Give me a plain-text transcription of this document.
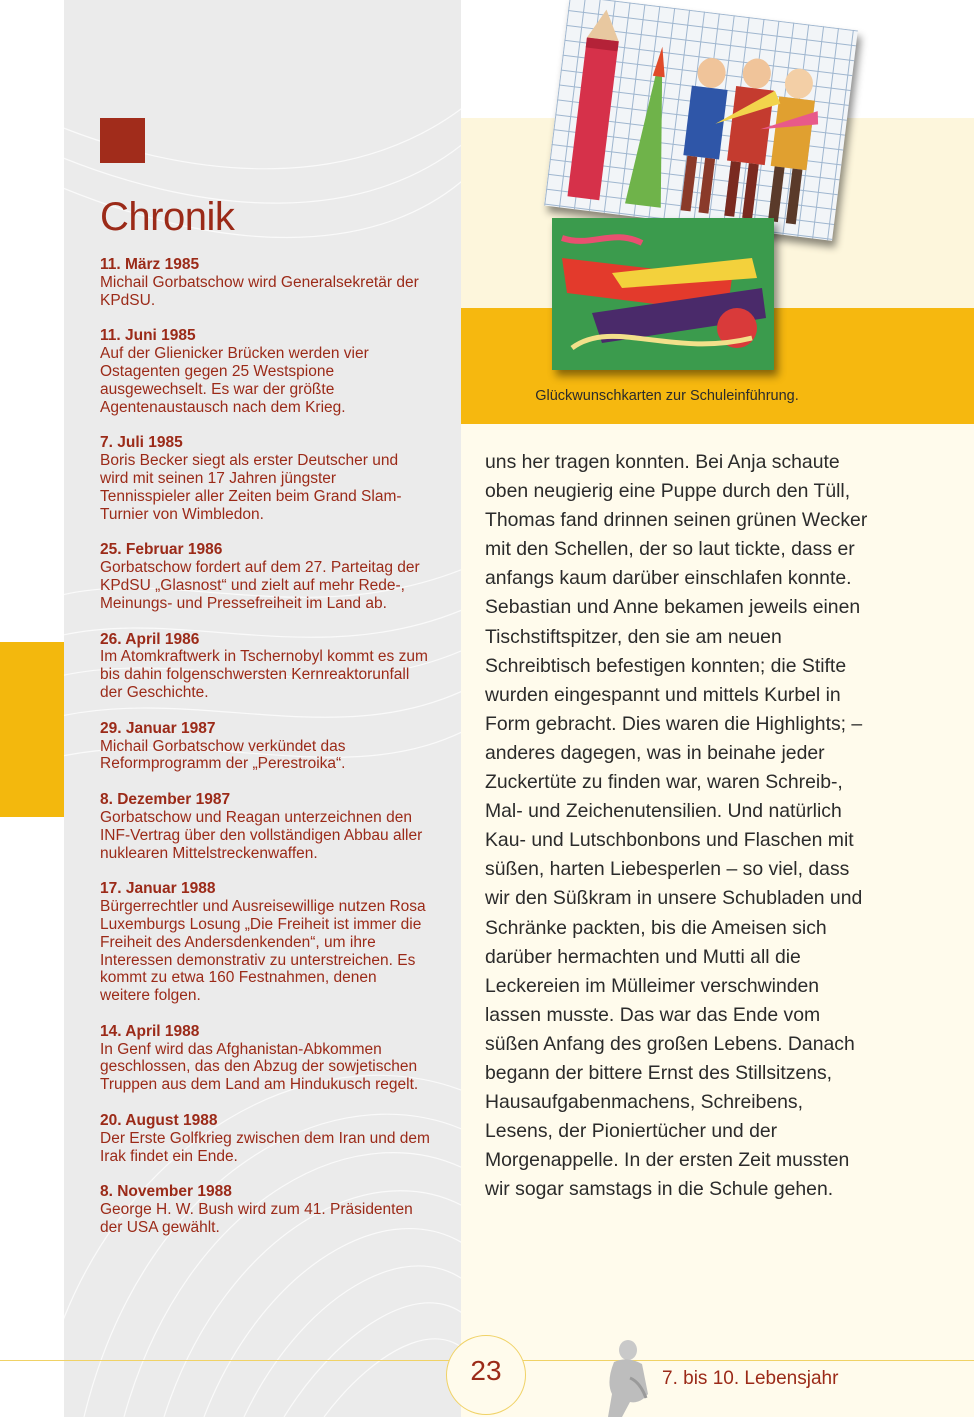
Chronik
11. März 1985
Michail Gorbatschow wird Generalsekretär der KPdSU.
11. Juni 1985
Auf der Glienicker Brücken werden vier Ostagenten gegen 25 Westspione ausgewechselt. Es war der größte Agentenaustausch nach dem Krieg.
7. Juli 1985
Boris Becker siegt als erster Deutscher und wird mit seinen 17 Jahren jüngster Tennisspieler aller Zeiten beim Grand Slam-Turnier von Wimbledon.
25. Februar 1986
Gorbatschow fordert auf dem 27. Parteitag der KPdSU „Glasnost“ und zielt auf mehr Rede-, Meinungs- und Pressefreiheit im Land ab.
26. April 1986
Im Atomkraftwerk in Tschernobyl kommt es zum bis dahin folgenschwersten Kernreaktorunfall der Geschichte.
29. Januar 1987
Michail Gorbatschow verkündet das Reformprogramm der „Perestroika“.
8. Dezember 1987
Gorbatschow und Reagan unterzeichnen den INF-Vertrag über den vollständigen Abbau aller nuklearen Mittelstreckenwaffen.
17. Januar 1988
Bürgerrechtler und Ausreisewillige nutzen Rosa Luxemburgs Losung „Die Freiheit ist immer die Freiheit des Andersdenkenden“, um ihre Interessen demonstrativ zu unterstreichen. Es kommt zu etwa 160 Festnahmen, denen weitere folgen.
14. April 1988
In Genf wird das Afghanistan-Abkommen geschlossen, das den Abzug der sowjetischen Truppen aus dem Land am Hindukusch regelt.
20. August 1988
Der Erste Golfkrieg zwischen dem Iran und dem Irak findet ein Ende.
8. November 1988
George H. W. Bush wird zum 41. Präsidenten der USA gewählt.
Glückwunschkarten zur Schuleinführung.

uns her tragen konnten. Bei Anja schaute oben neugierig eine Puppe durch den Tüll, Thomas fand drinnen seinen grünen Wecker mit den Schellen, der so laut tickte, dass er anfangs kaum darüber einschlafen konnte. Sebastian und Anne bekamen jeweils einen Tischstiftspitzer, den sie am neuen Schreibtisch befestigen konnten; die Stifte wurden eingespannt und mittels Kurbel in Form gebracht. Dies waren die Highlights; – anderes dagegen, was in beinahe jeder Zuckertüte zu finden war, waren Schreib-, Mal- und Zeichenutensilien. Und natürlich Kau- und Lutschbonbons und Flaschen mit süßen, harten Liebesperlen – so viel, dass wir den Süßkram in unsere Schubladen und Schränke packten, bis die Ameisen sich darüber hermachten und Mutti all die Leckereien im Mülleimer verschwinden lassen musste. Das war das Ende vom süßen Anfang des großen Lebens. Danach begann der bittere Ernst des Stillsitzens, Hausaufgabenmachens, Schreibens, Lesens, der Pioniertücher und der Morgenappelle. In der ersten Zeit mussten wir sogar samstags in die Schule gehen.

23	7. bis 10. Lebensjahr
